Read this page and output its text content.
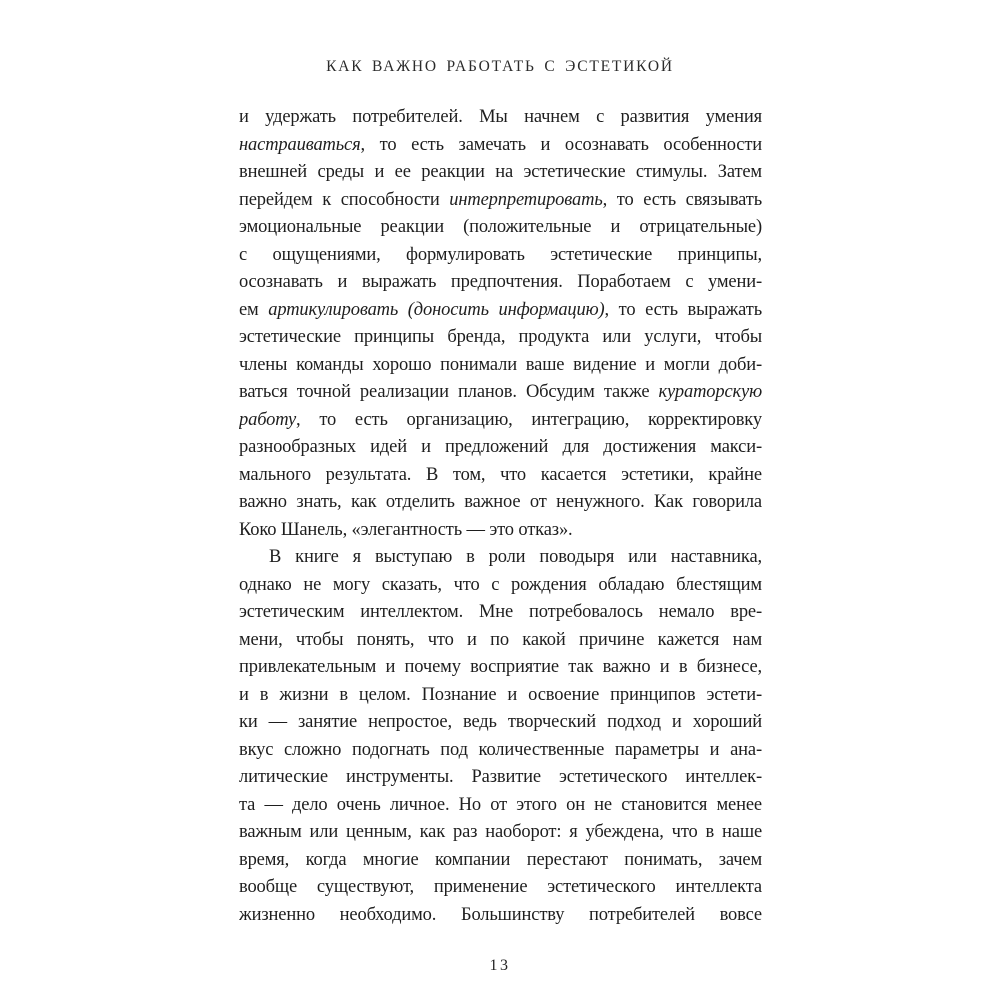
КАК ВАЖНО РАБОТАТЬ С ЭСТЕТИКОЙ
и удержать потребителей. Мы начнем с развития умения
настраиваться, то есть замечать и осознавать особенности
внешней среды и ее реакции на эстетические стимулы. Затем
перейдем к способности интерпретировать, то есть связывать
эмоциональные реакции (положительные и отрицательные)
с ощущениями, формулировать эстетические принципы,
осознавать и выражать предпочтения. Поработаем с умени-
ем артикулировать (доносить информацию), то есть выражать
эстетические принципы бренда, продукта или услуги, чтобы
члены команды хорошо понимали ваше видение и могли доби-
ваться точной реализации планов. Обсудим также кураторскую
работу, то есть организацию, интеграцию, корректировку
разнообразных идей и предложений для достижения макси-
мального результата. В том, что касается эстетики, крайне
важно знать, как отделить важное от ненужного. Как говорила
Коко Шанель, «элегантность — это отказ».
В книге я выступаю в роли поводыря или наставника,
однако не могу сказать, что с рождения обладаю блестящим
эстетическим интеллектом. Мне потребовалось немало вре-
мени, чтобы понять, что и по какой причине кажется нам
привлекательным и почему восприятие так важно и в бизнесе,
и в жизни в целом. Познание и освоение принципов эстети-
ки — занятие непростое, ведь творческий подход и хороший
вкус сложно подогнать под количественные параметры и ана-
литические инструменты. Развитие эстетического интеллек-
та — дело очень личное. Но от этого он не становится менее
важным или ценным, как раз наоборот: я убеждена, что в наше
время, когда многие компании перестают понимать, зачем
вообще существуют, применение эстетического интеллекта
жизненно необходимо. Большинству потребителей вовсе
13
